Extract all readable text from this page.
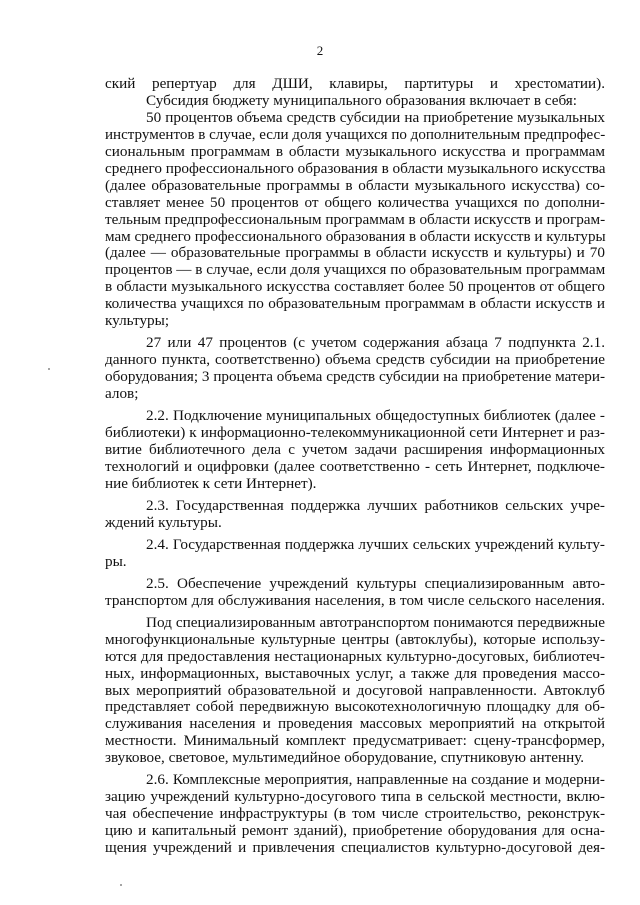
2
ский репертуар для ДШИ, клавиры, партитуры и хрестоматии).
Субсидия бюджету муниципального образования включает в себя:
50 процентов объема средств субсидии на приобретение музыкальных
инструментов в случае, если доля учащихся по дополнительным предпрофес-
сиональным программам в области музыкального искусства и программам
среднего профессионального образования в области музыкального искусства
(далее образовательные программы в области музыкального искусства) со-
ставляет менее 50 процентов от общего количества учащихся по дополни-
тельным предпрофессиональным программам в области искусств и програм-
мам среднего профессионального образования в области искусств и культуры
(далее — образовательные программы в области искусств и культуры) и 70
процентов — в случае, если доля учащихся по образовательным программам
в области музыкального искусства составляет более 50 процентов от общего
количества учащихся по образовательным программам в области искусств и
культуры;
27 или 47 процентов (с учетом содержания абзаца 7 подпункта 2.1.
данного пункта, соответственно) объема средств субсидии на приобретение
оборудования; 3 процента объема средств субсидии на приобретение матери-
алов;
2.2. Подключение муниципальных общедоступных библиотек (далее -
библиотеки) к информационно-телекоммуникационной сети Интернет и раз-
витие библиотечного дела с учетом задачи расширения информационных
технологий и оцифровки (далее соответственно - сеть Интернет, подключе-
ние библиотек к сети Интернет).
2.3. Государственная поддержка лучших работников сельских учре-
ждений культуры.
2.4. Государственная поддержка лучших сельских учреждений культу-
ры.
2.5. Обеспечение учреждений культуры специализированным авто-
транспортом для обслуживания населения, в том числе сельского населения.
Под специализированным автотранспортом понимаются передвижные
многофункциональные культурные центры (автоклубы), которые использу-
ются для предоставления нестационарных культурно-досуговых, библиотеч-
ных, информационных, выставочных услуг, а также для проведения массо-
вых мероприятий образовательной и досуговой направленности. Автоклуб
представляет собой передвижную высокотехнологичную площадку для об-
служивания населения и проведения массовых мероприятий на открытой
местности. Минимальный комплект предусматривает: сцену-трансформер,
звуковое, световое, мультимедийное оборудование, спутниковую антенну.
2.6. Комплексные мероприятия, направленные на создание и модерни-
зацию учреждений культурно-досугового типа в сельской местности, вклю-
чая обеспечение инфраструктуры (в том числе строительство, реконструк-
цию и капитальный ремонт зданий), приобретение оборудования для осна-
щения учреждений и привлечения специалистов культурно-досуговой дея-
